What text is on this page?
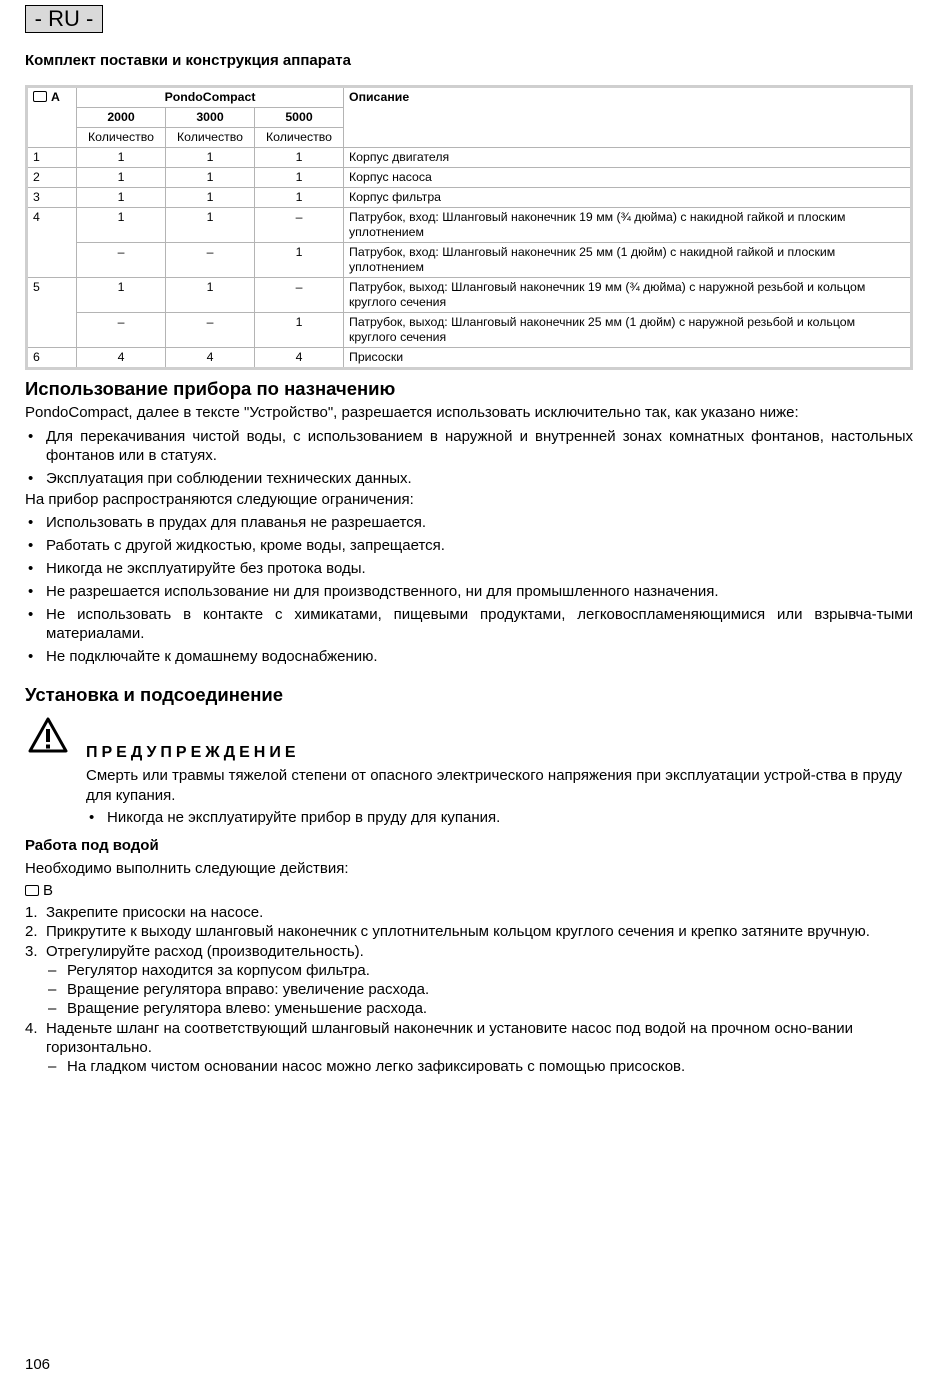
- RU -
Комплект поставки и конструкция аппарата
A	PondoCompact			Описание
	2000	3000	5000	
	Количество	Количество	Количество	
1	1	1	1	Корпус двигателя
2	1	1	1	Корпус насоса
3	1	1	1	Корпус фильтра
4	1	1	–	Патрубок, вход: Шланговый наконечник 19 мм (¾ дюйма) с накидной гайкой и плоским уплотнением
	–	–	1	Патрубок, вход: Шланговый наконечник 25 мм (1 дюйм) с накидной гайкой и плоским уплотнением
5	1	1	–	Патрубок, выход: Шланговый наконечник 19 мм (¾ дюйма) с наружной резьбой и кольцом круглого сечения
	–	–	1	Патрубок, выход: Шланговый наконечник 25 мм (1 дюйм) с наружной резьбой и кольцом круглого сечения
6	4	4	4	Присоски
Использование прибора по назначению

PondoCompact, далее в тексте "Устройство", разрешается использовать исключительно так, как указано ниже:

• Для перекачивания чистой воды, с использованием в наружной и внутренней зонах комнатных фонтанов, настольных фонтанов или в статуях.
• Эксплуатация при соблюдении технических данных.

На прибор распространяются следующие ограничения:

• Использовать в прудах для плаванья не разрешается.
• Работать с другой жидкостью, кроме воды, запрещается.
• Никогда не эксплуатируйте без протока воды.
• Не разрешается использование ни для производственного, ни для промышленного назначения.
• Не использовать в контакте с химикатами, пищевыми продуктами, легковоспламеняющимися или взрывча-тыми материалами.
• Не подключайте к домашнему водоснабжению.
Установка и подсоединение

ПРЕДУПРЕЖДЕНИЕ

Смерть или травмы тяжелой степени от опасного электрического напряжения при эксплуатации устрой-ства в пруду для купания.

• Никогда не эксплуатируйте прибор в пруду для купания.

Работа под водой

Необходимо выполнить следующие действия:

B

1. Закрепите присоски на насосе.
2. Прикрутите к выходу шланговый наконечник с уплотнительным кольцом круглого сечения и крепко затяните вручную.
3. Отрегулируйте расход (производительность).
– Регулятор находится за корпусом фильтра.
– Вращение регулятора вправо: увеличение расхода.
– Вращение регулятора влево: уменьшение расхода.
4. Наденьте шланг на соответствующий шланговый наконечник и установите насос под водой на прочном осно-вании горизонтально.
– На гладком чистом основании насос можно легко зафиксировать с помощью присосков.

106
